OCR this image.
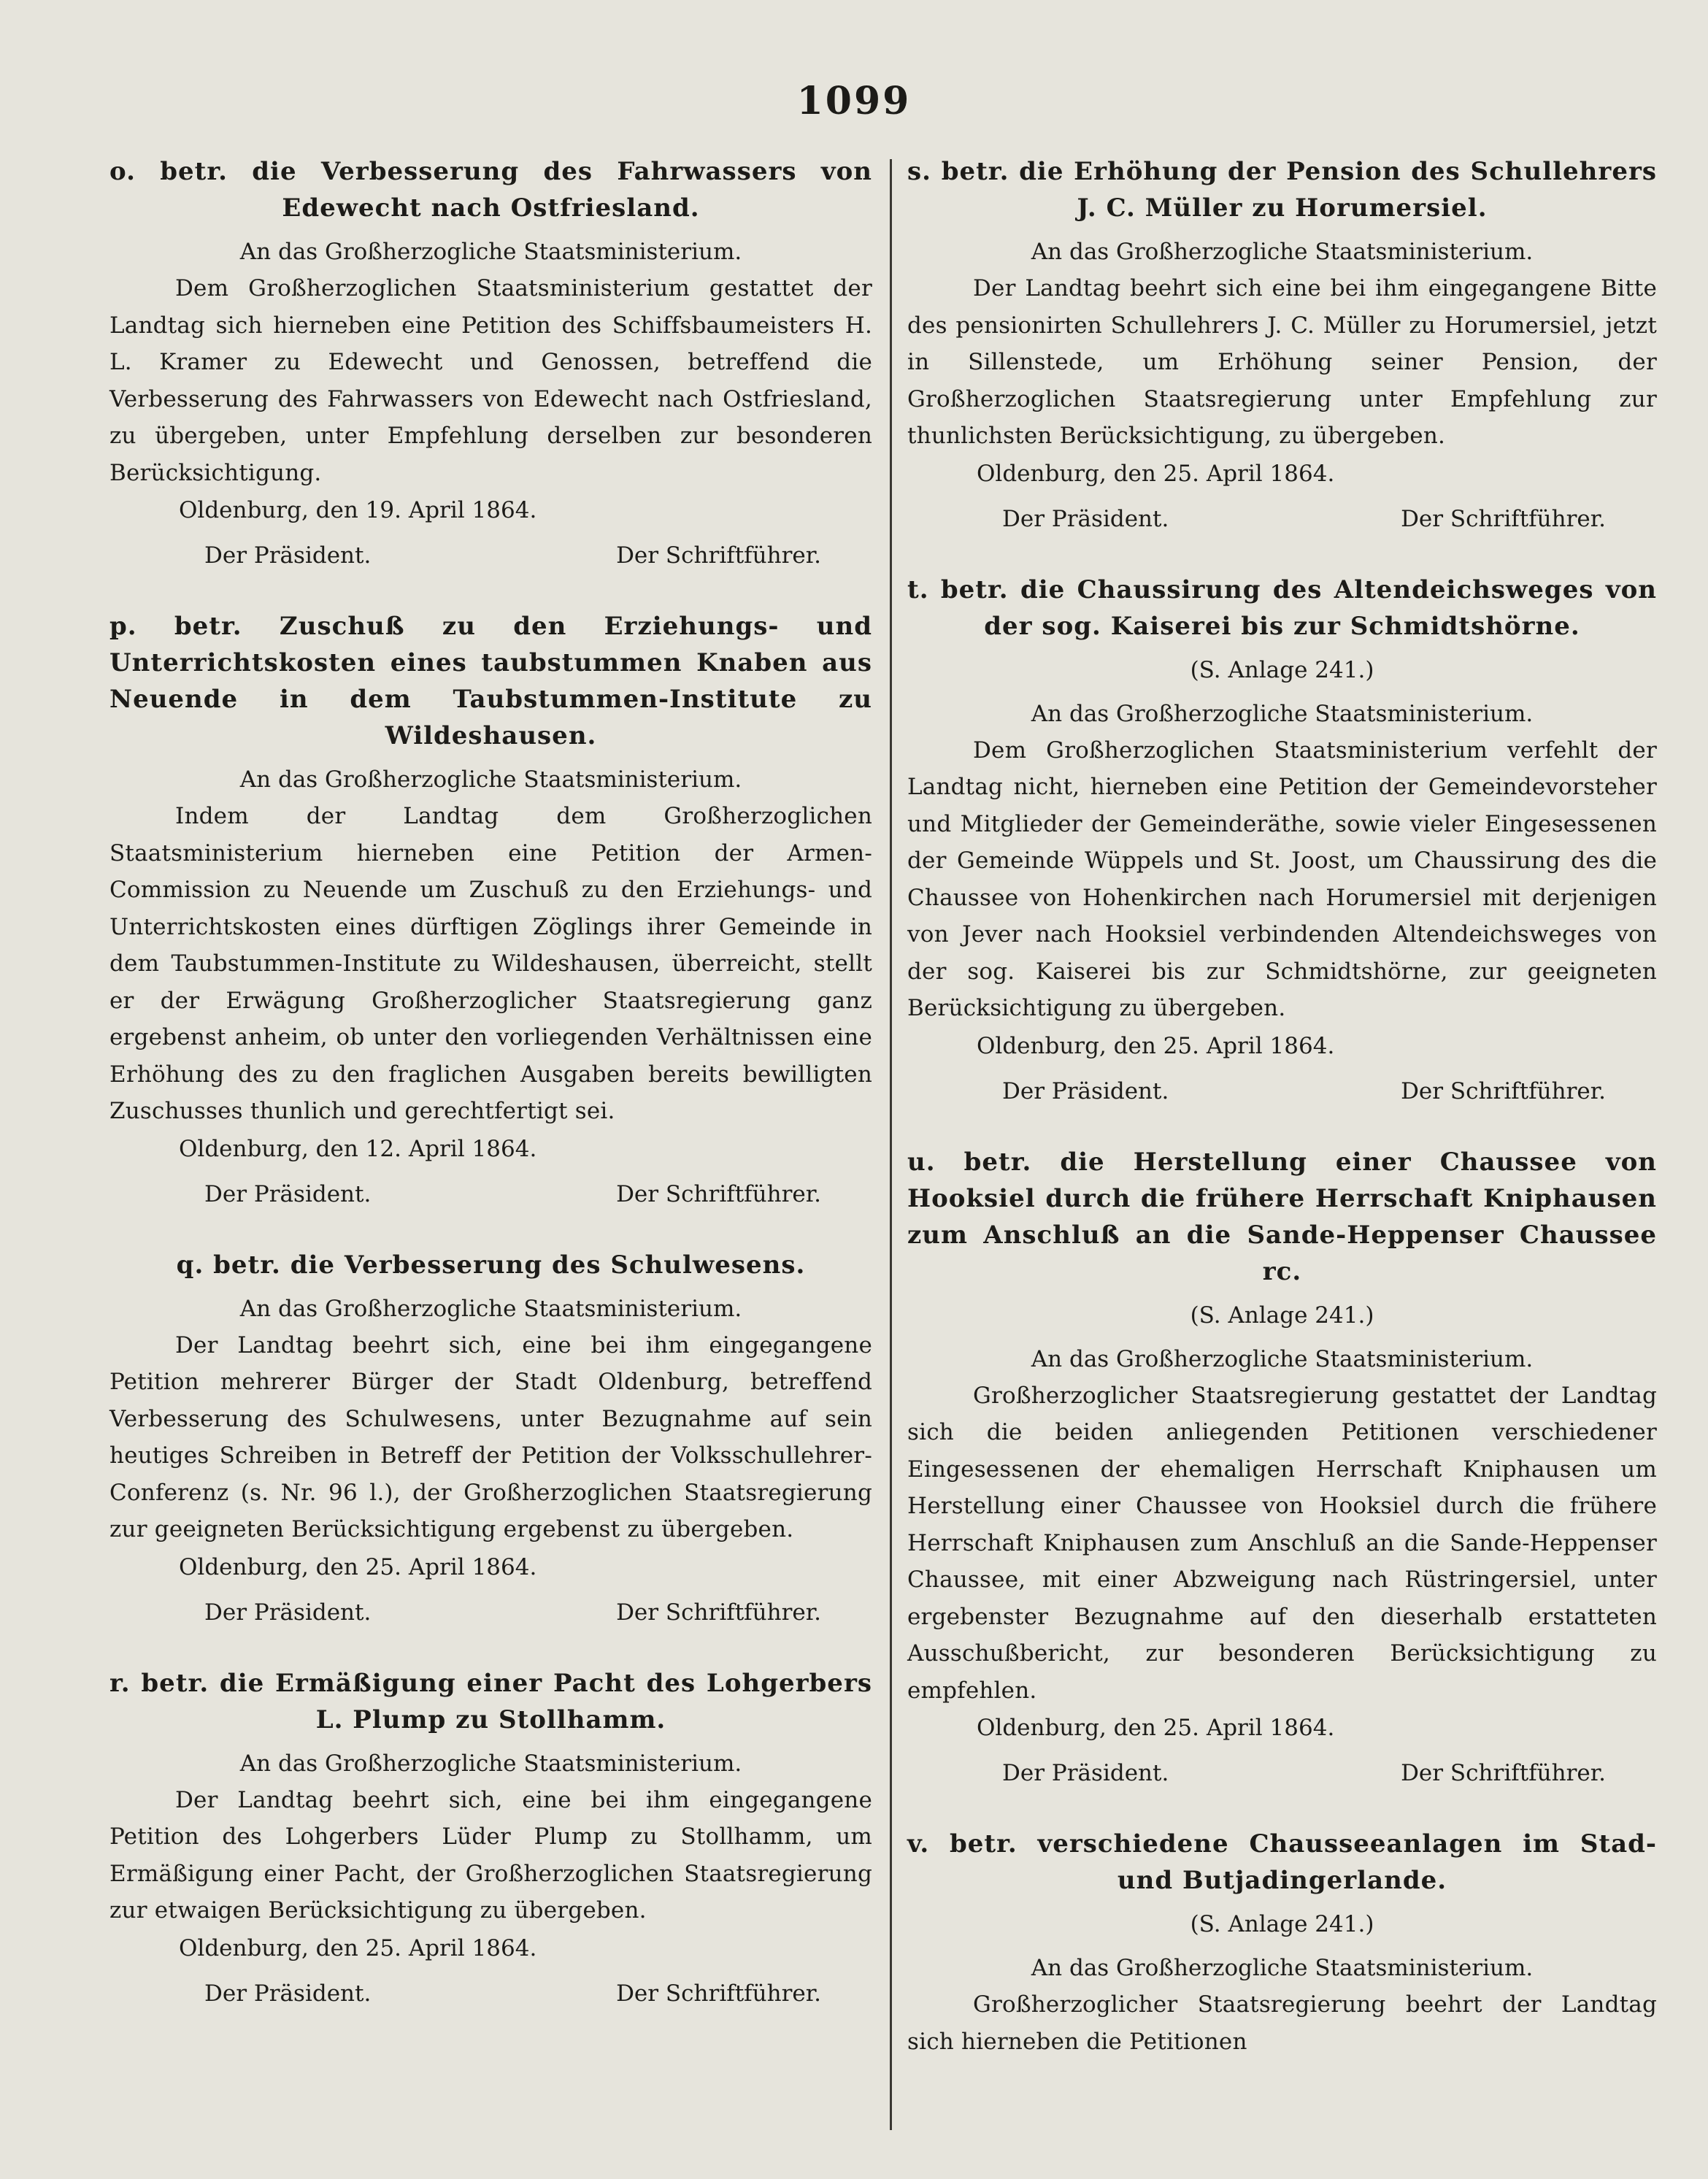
1099
o. betr. die Verbesserung des Fahrwassers von Edewecht nach Ostfriesland.
An das Großherzogliche Staatsministerium.
Dem Großherzoglichen Staatsministerium gestattet der Landtag sich hierneben eine Petition des Schiffsbaumeisters H. L. Kramer zu Edewecht und Genossen, betreffend die Verbesserung des Fahrwassers von Edewecht nach Ostfriesland, zu übergeben, unter Empfehlung derselben zur besonderen Berücksichtigung.
Oldenburg, den 19. April 1864.
Der Präsident.	Der Schriftführer.
p. betr. Zuschuß zu den Erziehungs- und Unterrichtskosten eines taubstummen Knaben aus Neuende in dem Taubstummen-Institute zu Wildeshausen.
An das Großherzogliche Staatsministerium.
Indem der Landtag dem Großherzoglichen Staatsministerium hierneben eine Petition der Armen-Commission zu Neuende um Zuschuß zu den Erziehungs- und Unterrichtskosten eines dürftigen Zöglings ihrer Gemeinde in dem Taubstummen-Institute zu Wildeshausen, überreicht, stellt er der Erwägung Großherzoglicher Staatsregierung ganz ergebenst anheim, ob unter den vorliegenden Verhältnissen eine Erhöhung des zu den fraglichen Ausgaben bereits bewilligten Zuschusses thunlich und gerechtfertigt sei.
Oldenburg, den 12. April 1864.
Der Präsident.	Der Schriftführer.
q. betr. die Verbesserung des Schulwesens.
An das Großherzogliche Staatsministerium.
Der Landtag beehrt sich, eine bei ihm eingegangene Petition mehrerer Bürger der Stadt Oldenburg, betreffend Verbesserung des Schulwesens, unter Bezugnahme auf sein heutiges Schreiben in Betreff der Petition der Volksschullehrer-Conferenz (s. Nr. 96 l.), der Großherzoglichen Staatsregierung zur geeigneten Berücksichtigung ergebenst zu übergeben.
Oldenburg, den 25. April 1864.
Der Präsident.	Der Schriftführer.
r. betr. die Ermäßigung einer Pacht des Lohgerbers L. Plump zu Stollhamm.
An das Großherzogliche Staatsministerium.
Der Landtag beehrt sich, eine bei ihm eingegangene Petition des Lohgerbers Lüder Plump zu Stollhamm, um Ermäßigung einer Pacht, der Großherzoglichen Staatsregierung zur etwaigen Berücksichtigung zu übergeben.
Oldenburg, den 25. April 1864.
Der Präsident.	Der Schriftführer.
s. betr. die Erhöhung der Pension des Schullehrers J. C. Müller zu Horumersiel.
An das Großherzogliche Staatsministerium.
Der Landtag beehrt sich eine bei ihm eingegangene Bitte des pensionirten Schullehrers J. C. Müller zu Horumersiel, jetzt in Sillenstede, um Erhöhung seiner Pension, der Großherzoglichen Staatsregierung unter Empfehlung zur thunlichsten Berücksichtigung, zu übergeben.
Oldenburg, den 25. April 1864.
Der Präsident.	Der Schriftführer.
t. betr. die Chaussirung des Altendeichsweges von der sog. Kaiserei bis zur Schmidtshörne.
(S. Anlage 241.)
An das Großherzogliche Staatsministerium.
Dem Großherzoglichen Staatsministerium verfehlt der Landtag nicht, hierneben eine Petition der Gemeindevorsteher und Mitglieder der Gemeinderäthe, sowie vieler Eingesessenen der Gemeinde Wüppels und St. Joost, um Chaussirung des die Chaussee von Hohenkirchen nach Horumersiel mit derjenigen von Jever nach Hooksiel verbindenden Altendeichsweges von der sog. Kaiserei bis zur Schmidtshörne, zur geeigneten Berücksichtigung zu übergeben.
Oldenburg, den 25. April 1864.
Der Präsident.	Der Schriftführer.
u. betr. die Herstellung einer Chaussee von Hooksiel durch die frühere Herrschaft Kniphausen zum Anschluß an die Sande-Heppenser Chaussee rc.
(S. Anlage 241.)
An das Großherzogliche Staatsministerium.
Großherzoglicher Staatsregierung gestattet der Landtag sich die beiden anliegenden Petitionen verschiedener Eingesessenen der ehemaligen Herrschaft Kniphausen um Herstellung einer Chaussee von Hooksiel durch die frühere Herrschaft Kniphausen zum Anschluß an die Sande-Heppenser Chaussee, mit einer Abzweigung nach Rüstringersiel, unter ergebenster Bezugnahme auf den dieserhalb erstatteten Ausschußbericht, zur besonderen Berücksichtigung zu empfehlen.
Oldenburg, den 25. April 1864.
Der Präsident.	Der Schriftführer.
v. betr. verschiedene Chausseeanlagen im Stad- und Butjadingerlande.
(S. Anlage 241.)
An das Großherzogliche Staatsministerium.
Großherzoglicher Staatsregierung beehrt der Landtag sich hierneben die Petitionen
